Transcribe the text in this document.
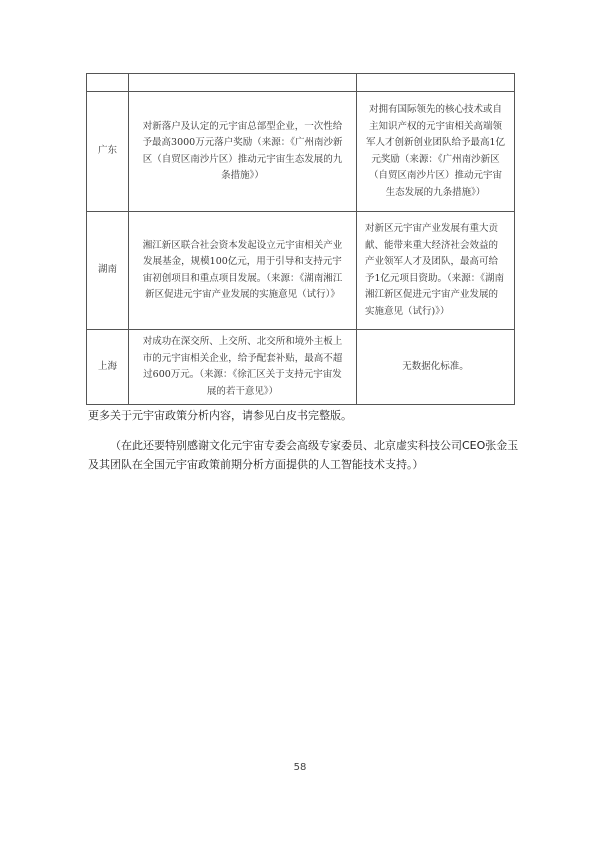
广东	对新落户及认定的元宇宙总部型企业，一次性给予最高3000万元落户奖励（来源：《广州南沙新区（自贸区南沙片区）推动元宇宙生态发展的九条措施》）	对拥有国际领先的核心技术或自主知识产权的元宇宙相关高端领军人才创新创业团队给予最高1亿元奖励（来源：《广州南沙新区（自贸区南沙片区）推动元宇宙生态发展的九条措施》）
湖南	湘江新区联合社会资本发起设立元宇宙相关产业发展基金，规模100亿元，用于引导和支持元宇宙初创项目和重点项目发展。（来源：《湖南湘江新区促进元宇宙产业发展的实施意见（试行）》	对新区元宇宙产业发展有重大贡献、能带来重大经济社会效益的产业领军人才及团队，最高可给予1亿元项目资助。（来源：《湖南湘江新区促进元宇宙产业发展的实施意见（试行)》）
上海	对成功在深交所、上交所、北交所和境外主板上市的元宇宙相关企业，给予配套补贴，最高不超过600万元。（来源：《徐汇区关于支持元宇宙发展的若干意见》）	无数据化标准。
更多关于元宇宙政策分析内容，请参见白皮书完整版。
（在此还要特别感谢文化元宇宙专委会高级专家委员、北京虚实科技公司CEO张金玉及其团队在全国元宇宙政策前期分析方面提供的人工智能技术支持。）
58
